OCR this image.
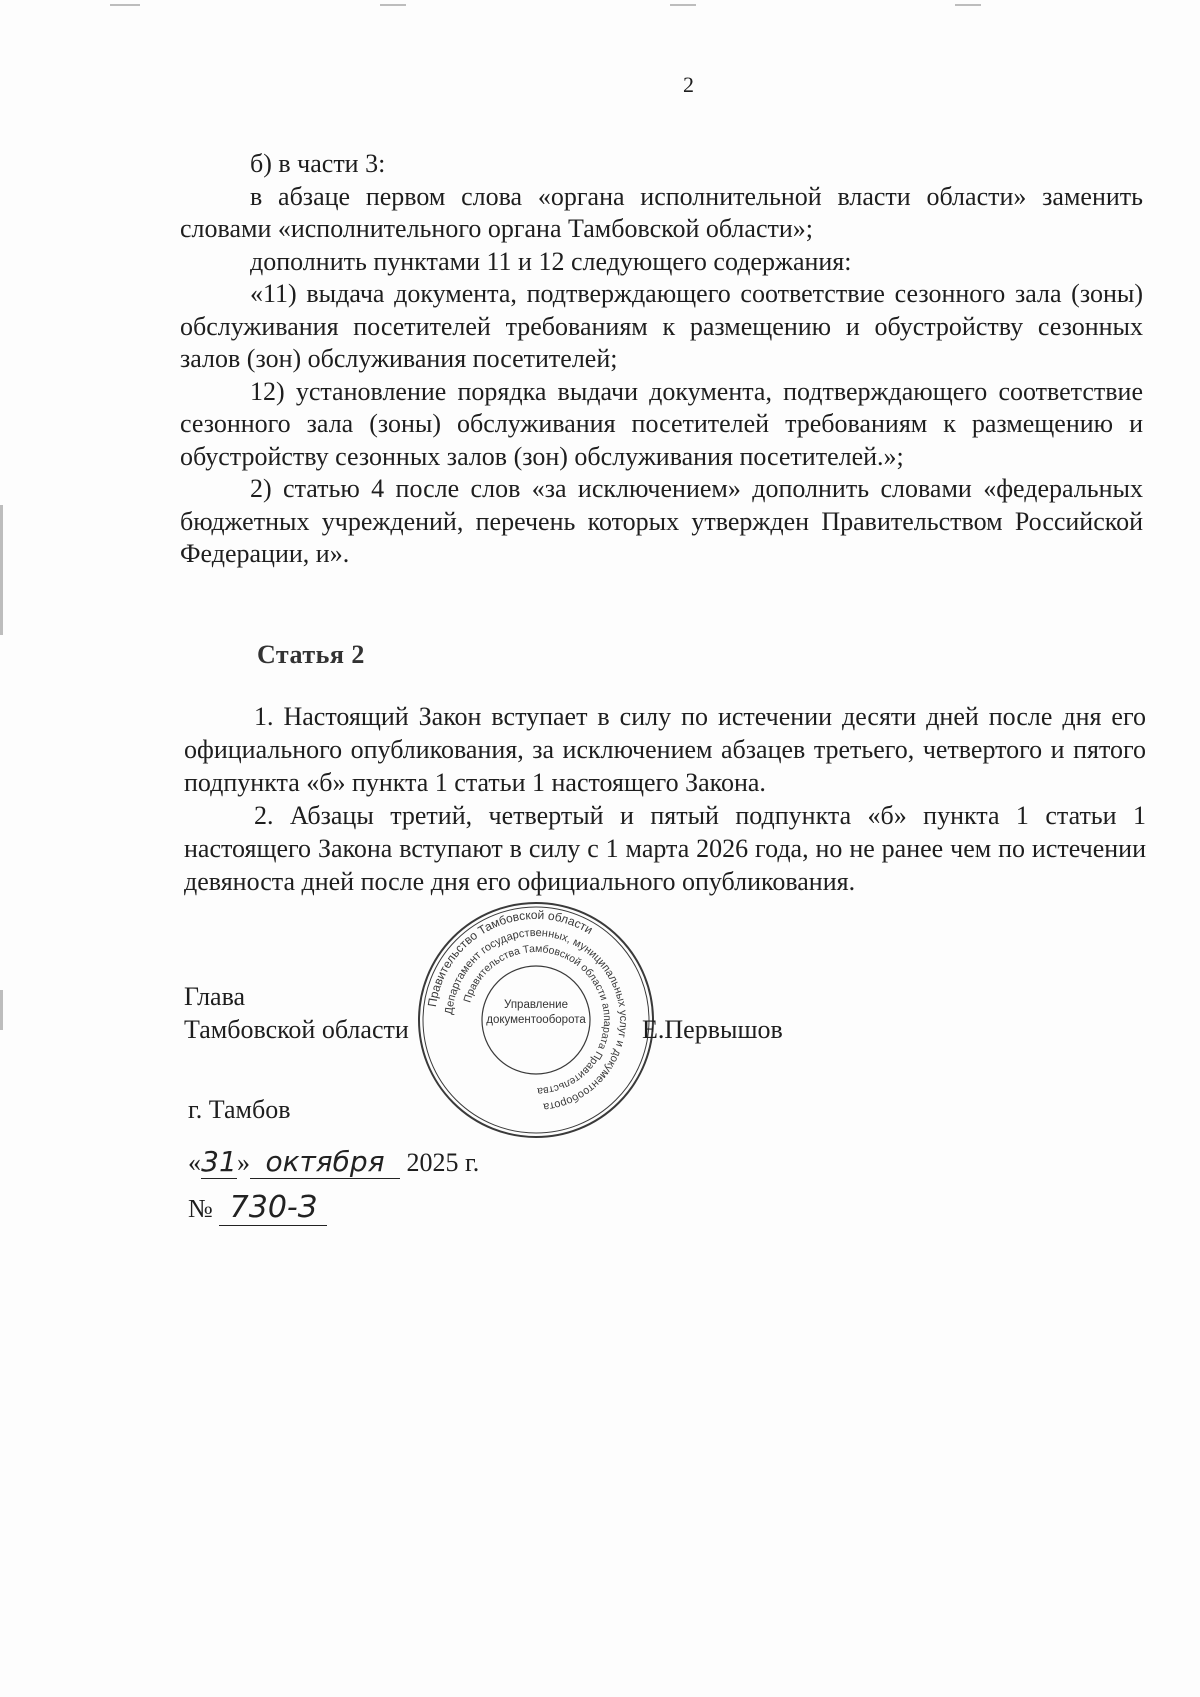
2

б) в части 3:

в абзаце первом слова «органа исполнительной власти области» заменить словами «исполнительного органа Тамбовской области»;

дополнить пунктами 11 и 12 следующего содержания:

«11) выдача документа, подтверждающего соответствие сезонного зала (зоны) обслуживания посетителей требованиям к размещению и обустройству сезонных залов (зон) обслуживания посетителей;

12) установление порядка выдачи документа, подтверждающего соответствие сезонного зала (зоны) обслуживания посетителей требованиям к размещению и обустройству сезонных залов (зон) обслуживания посетителей.»;

2) статью 4 после слов «за исключением» дополнить словами «федеральных бюджетных учреждений, перечень которых утвержден Правительством Российской Федерации, и».

Статья 2

1. Настоящий Закон вступает в силу по истечении десяти дней после дня его официального опубликования, за исключением абзацев третьего, четвертого и пятого подпункта «б» пункта 1 статьи 1 настоящего Закона.

2. Абзацы третий, четвертый и пятый подпункта «б» пункта 1 статьи 1 настоящего Закона вступают в силу с 1 марта 2026 года, но не ранее чем по истечении девяноста дней после дня его официального опубликования.

Правительство Тамбовской области
Департамент государственных, муниципальных услуг и документооборота
Правительства Тамбовской области аппарата Правительства
Управление
документооборота
Глава
Тамбовской области	Е.Первышов
г. Тамбов
«31» октября 2025 г.
№ 730-З
